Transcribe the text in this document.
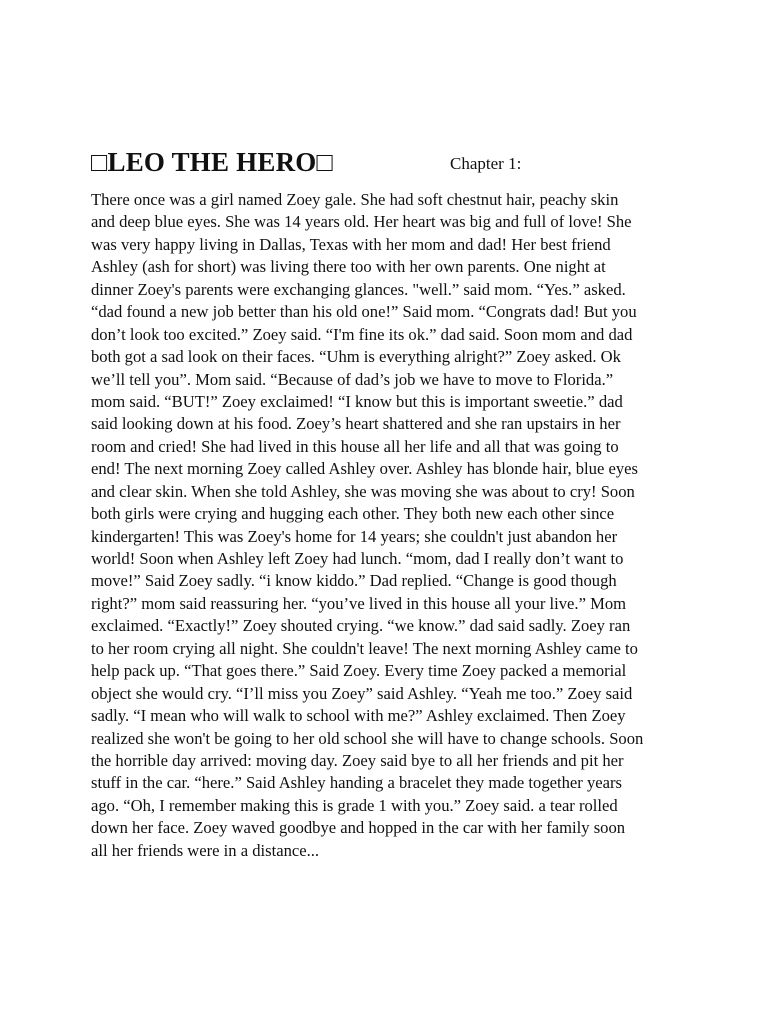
□LEO THE HERO□	Chapter 1:
There once was a girl named Zoey gale. She had soft chestnut hair, peachy skin
and deep blue eyes. She was 14 years old. Her heart was big and full of love! She
was very happy living in Dallas, Texas with her mom and dad! Her best friend
Ashley (ash for short) was living there too with her own parents. One night at
dinner Zoey's parents were exchanging glances. "well.” said mom. “Yes.” asked.
“dad found a new job better than his old one!” Said mom. “Congrats dad! But you
don’t look too excited.” Zoey said. “I'm fine its ok.” dad said. Soon mom and dad
both got a sad look on their faces. “Uhm is everything alright?” Zoey asked. Ok
we’ll tell you”. Mom said. “Because of dad’s job we have to move to Florida.”
mom said. “BUT!” Zoey exclaimed! “I know but this is important sweetie.” dad
said looking down at his food. Zoey’s heart shattered and she ran upstairs in her
room and cried! She had lived in this house all her life and all that was going to
end! The next morning Zoey called Ashley over. Ashley has blonde hair, blue eyes
and clear skin. When she told Ashley, she was moving she was about to cry! Soon
both girls were crying and hugging each other. They both new each other since
kindergarten! This was Zoey's home for 14 years; she couldn't just abandon her
world! Soon when Ashley left Zoey had lunch. “mom, dad I really don’t want to
move!” Said Zoey sadly. “i know kiddo.” Dad replied. “Change is good though
right?” mom said reassuring her. “you’ve lived in this house all your live.” Mom
exclaimed. “Exactly!” Zoey shouted crying. “we know.” dad said sadly. Zoey ran
to her room crying all night. She couldn't leave! The next morning Ashley came to
help pack up. “That goes there.” Said Zoey. Every time Zoey packed a memorial
object she would cry. “I’ll miss you Zoey” said Ashley. “Yeah me too.” Zoey said
sadly. “I mean who will walk to school with me?” Ashley exclaimed. Then Zoey
realized she won't be going to her old school she will have to change schools. Soon
the horrible day arrived: moving day. Zoey said bye to all her friends and pit her
stuff in the car. “here.” Said Ashley handing a bracelet they made together years
ago. “Oh, I remember making this is grade 1 with you.” Zoey said. a tear rolled
down her face. Zoey waved goodbye and hopped in the car with her family soon
all her friends were in a distance...
